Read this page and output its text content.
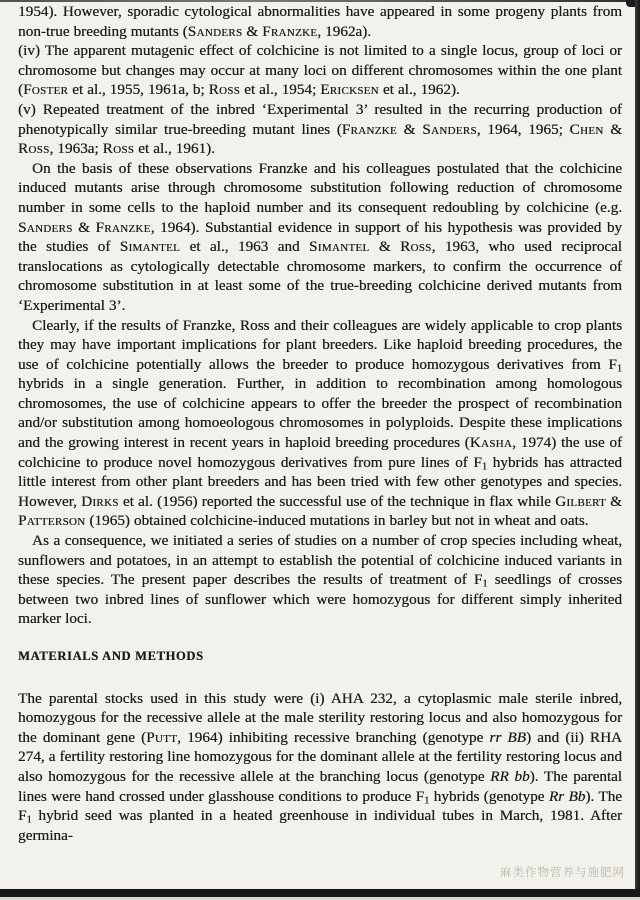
1954). However, sporadic cytological abnormalities have appeared in some progeny plants from non-true breeding mutants (Sanders & Franzke, 1962a).

(iv) The apparent mutagenic effect of colchicine is not limited to a single locus, group of loci or chromosome but changes may occur at many loci on different chromosomes within the one plant (Foster et al., 1955, 1961a, b; Ross et al., 1954; Ericksen et al., 1962).

(v) Repeated treatment of the inbred ‘Experimental 3’ resulted in the recurring production of phenotypically similar true-breeding mutant lines (Franzke & Sanders, 1964, 1965; Chen & Ross, 1963a; Ross et al., 1961).

On the basis of these observations Franzke and his colleagues postulated that the colchicine induced mutants arise through chromosome substitution following reduction of chromosome number in some cells to the haploid number and its consequent redoubling by colchicine (e.g. Sanders & Franzke, 1964). Substantial evidence in support of his hypothesis was provided by the studies of Simantel et al., 1963 and Simantel & Ross, 1963, who used reciprocal translocations as cytologically detectable chromosome markers, to confirm the occurrence of chromosome substitution in at least some of the true-breeding colchicine derived mutants from ‘Experimental 3’.

Clearly, if the results of Franzke, Ross and their colleagues are widely applicable to crop plants they may have important implications for plant breeders. Like haploid breeding procedures, the use of colchicine potentially allows the breeder to produce homozygous derivatives from $F_1$ hybrids in a single generation. Further, in addition to recombination among homologous chromosomes, the use of colchicine appears to offer the breeder the prospect of recombination and/or substitution among homoeologous chromosomes in polyploids. Despite these implications and the growing interest in recent years in haploid breeding procedures (Kasha, 1974) the use of colchicine to produce novel homozygous derivatives from pure lines of $F_1$ hybrids has attracted little interest from other plant breeders and has been tried with few other genotypes and species. However, Dirks et al. (1956) reported the successful use of the technique in flax while Gilbert & Patterson (1965) obtained colchicine-induced mutations in barley but not in wheat and oats.

As a consequence, we initiated a series of studies on a number of crop species including wheat, sunflowers and potatoes, in an attempt to establish the potential of colchicine induced variants in these species. The present paper describes the results of treatment of $F_1$ seedlings of crosses between two inbred lines of sunflower which were homozygous for different simply inherited marker loci.

MATERIALS AND METHODS

The parental stocks used in this study were (i) AHA 232, a cytoplasmic male sterile inbred, homozygous for the recessive allele at the male sterility restoring locus and also homozygous for the dominant gene (Putt, 1964) inhibiting recessive branching (genotype rr BB) and (ii) RHA 274, a fertility restoring line homozygous for the dominant allele at the fertility restoring locus and also homozygous for the recessive allele at the branching locus (genotype RR bb). The parental lines were hand crossed under glasshouse conditions to produce $F_1$ hybrids (genotype Rr Bb). The $F_1$ hybrid seed was planted in a heated greenhouse in individual tubes in March, 1981. After germina-

麻类作物营养与施肥网
